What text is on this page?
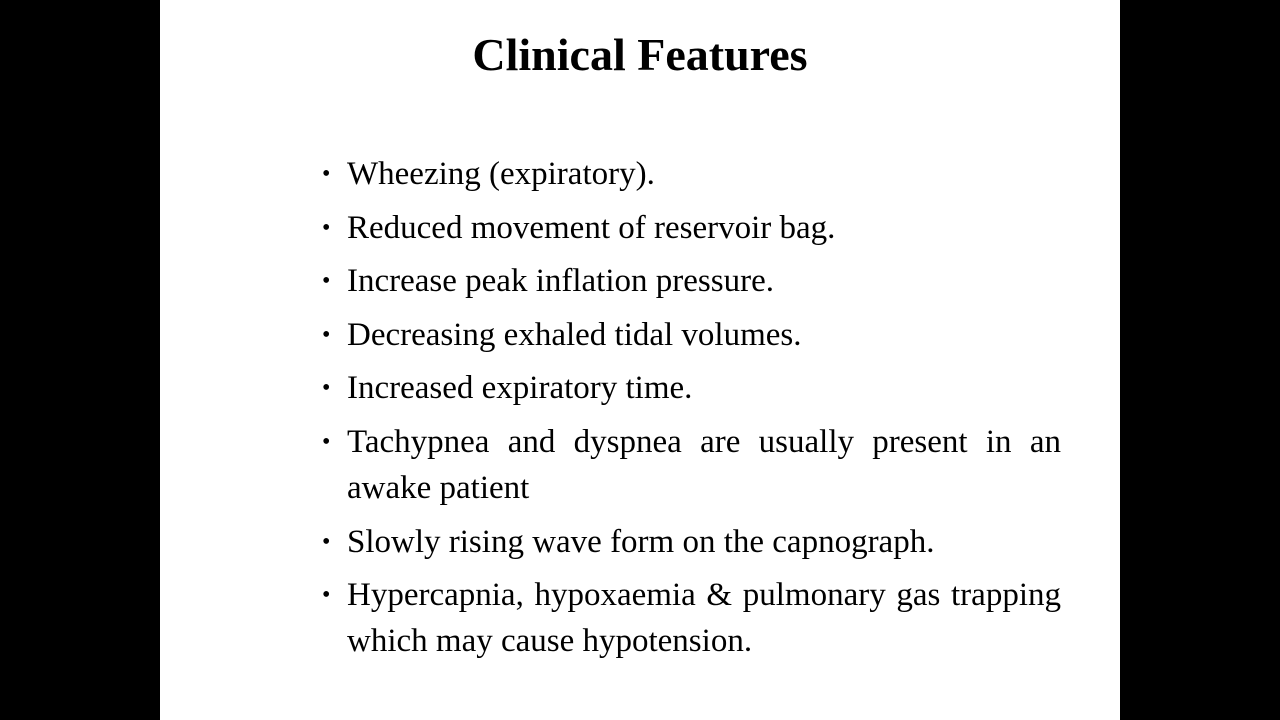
Clinical Features
• Wheezing (expiratory).
• Reduced movement of reservoir bag.
• Increase peak inflation pressure.
• Decreasing exhaled tidal volumes.
• Increased expiratory time.
• Tachypnea and dyspnea are usually present in an awake patient
• Slowly rising wave form on the capnograph.
• Hypercapnia, hypoxaemia & pulmonary gas trapping which may cause hypotension.
